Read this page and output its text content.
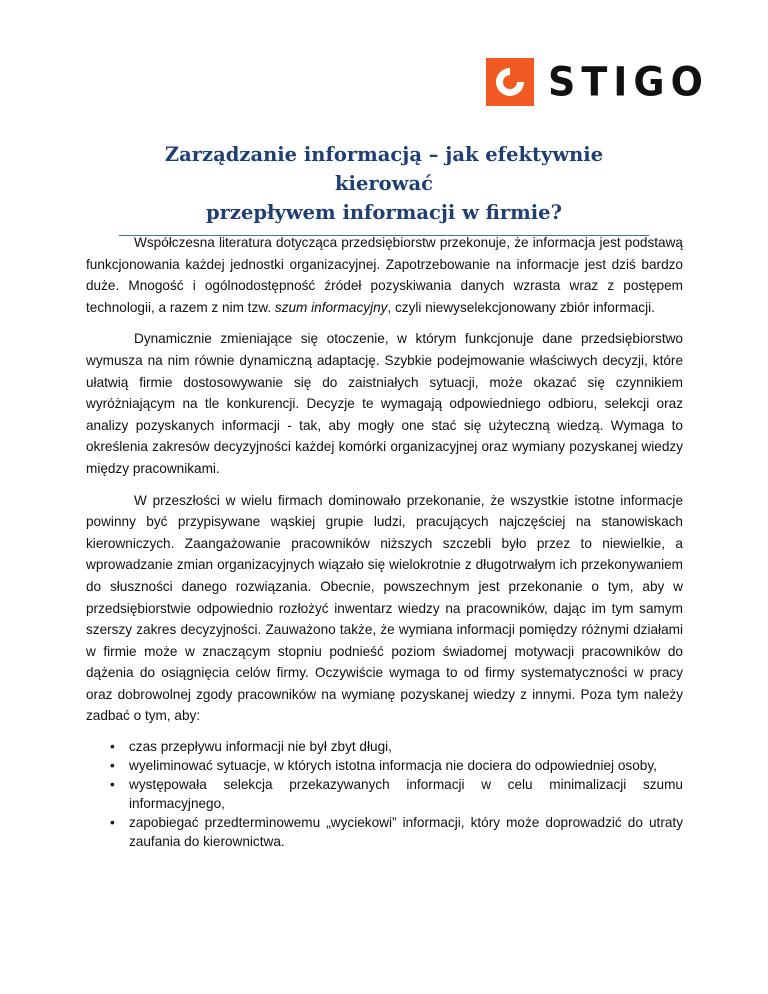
STIGO
Zarządzanie informacją – jak efektywnie kierować
przepływem informacji w firmie?

Współczesna literatura dotycząca przedsiębiorstw przekonuje, że informacja jest podstawą funkcjonowania każdej jednostki organizacyjnej. Zapotrzebowanie na informacje jest dziś bardzo duże. Mnogość i ogólnodostępność źródeł pozyskiwania danych wzrasta wraz z postępem technologii, a razem z nim tzw. szum informacyjny, czyli niewyselekcjonowany zbiór informacji.

Dynamicznie zmieniające się otoczenie, w którym funkcjonuje dane przedsiębiorstwo wymusza na nim równie dynamiczną adaptację. Szybkie podejmowanie właściwych decyzji, które ułatwią firmie dostosowywanie się do zaistniałych sytuacji, może okazać się czynnikiem wyróżniającym na tle konkurencji. Decyzje te wymagają odpowiedniego odbioru, selekcji oraz analizy pozyskanych informacji - tak, aby mogły one stać się użyteczną wiedzą. Wymaga to określenia zakresów decyzyjności każdej komórki organizacyjnej oraz wymiany pozyskanej wiedzy między pracownikami.

W przeszłości w wielu firmach dominowało przekonanie, że wszystkie istotne informacje powinny być przypisywane wąskiej grupie ludzi, pracujących najczęściej na stanowiskach kierowniczych. Zaangażowanie pracowników niższych szczebli było przez to niewielkie, a wprowadzanie zmian organizacyjnych wiązało się wielokrotnie z długotrwałym ich przekonywaniem do słuszności danego rozwiązania. Obecnie, powszechnym jest przekonanie o tym, aby w przedsiębiorstwie odpowiednio rozłożyć inwentarz wiedzy na pracowników, dając im tym samym szerszy zakres decyzyjności. Zauważono także, że wymiana informacji pomiędzy różnymi działami w firmie może w znaczącym stopniu podnieść poziom świadomej motywacji pracowników do dążenia do osiągnięcia celów firmy. Oczywiście wymaga to od firmy systematyczności w pracy oraz dobrowolnej zgody pracowników na wymianę pozyskanej wiedzy z innymi. Poza tym należy zadbać o tym, aby:

• czas przepływu informacji nie był zbyt długi,
• wyeliminować sytuacje, w których istotna informacja nie dociera do odpowiedniej osoby,
• występowała selekcja przekazywanych informacji w celu minimalizacji szumu informacyjnego,
• zapobiegać przedterminowemu „wyciekowi” informacji, który może doprowadzić do utraty zaufania do kierownictwa.
